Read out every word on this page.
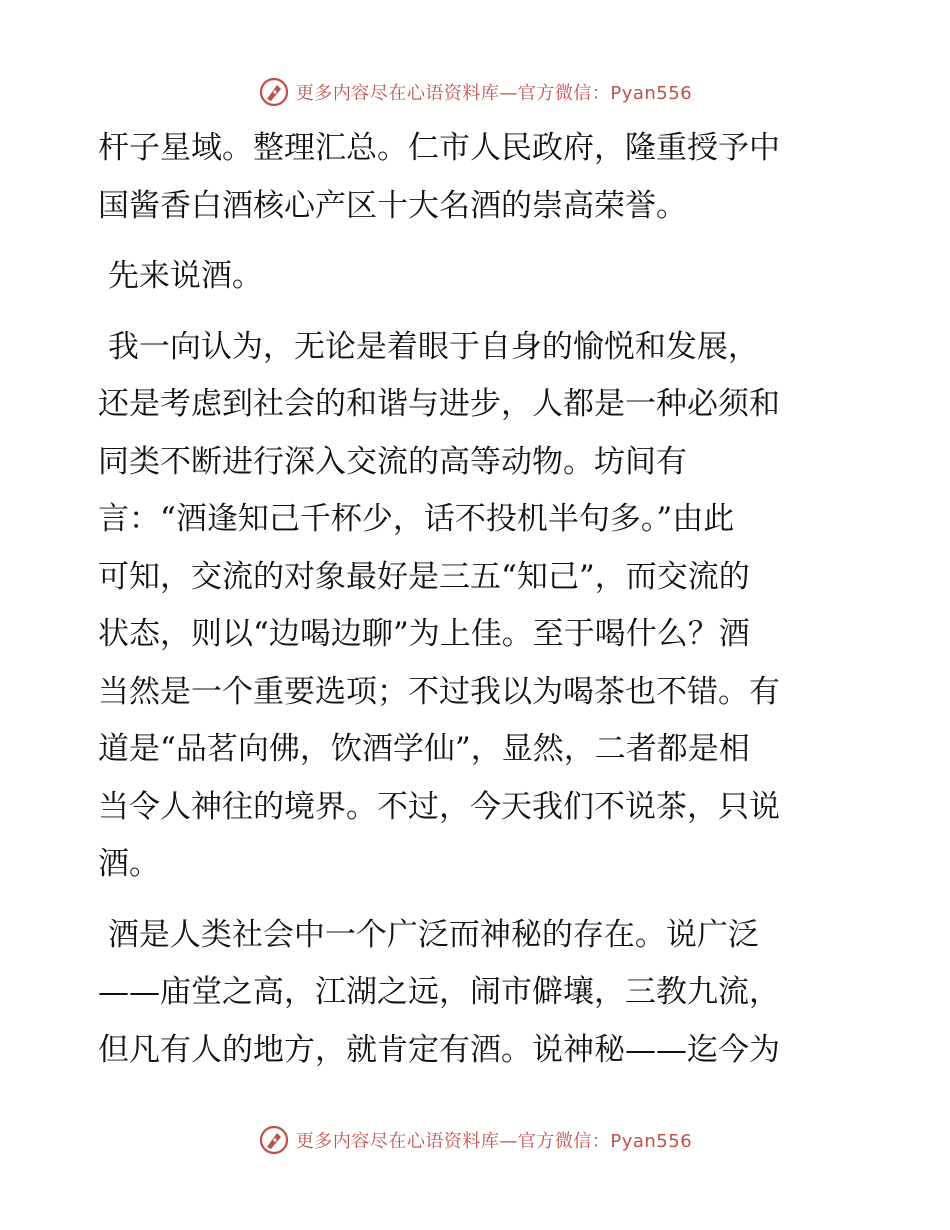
更多内容尽在心语资料库—官方微信：Pyan556

杆子星域。整理汇总。仁市人民政府，隆重授予中
国酱香白酒核心产区十大名酒的崇高荣誉。

先来说酒。

我一向认为，无论是着眼于自身的愉悦和发展，
还是考虑到社会的和谐与进步，人都是一种必须和
同类不断进行深入交流的高等动物。坊间有
言：“酒逢知己千杯少，话不投机半句多。”由此
可知，交流的对象最好是三五“知己”，而交流的
状态，则以“边喝边聊”为上佳。至于喝什么？酒
当然是一个重要选项；不过我以为喝茶也不错。有
道是“品茗向佛，饮酒学仙”，显然，二者都是相
当令人神往的境界。不过，今天我们不说茶，只说
酒。

酒是人类社会中一个广泛而神秘的存在。说广泛
——庙堂之高，江湖之远，闹市僻壤，三教九流，
但凡有人的地方，就肯定有酒。说神秘——迄今为

更多内容尽在心语资料库—官方微信：Pyan556
